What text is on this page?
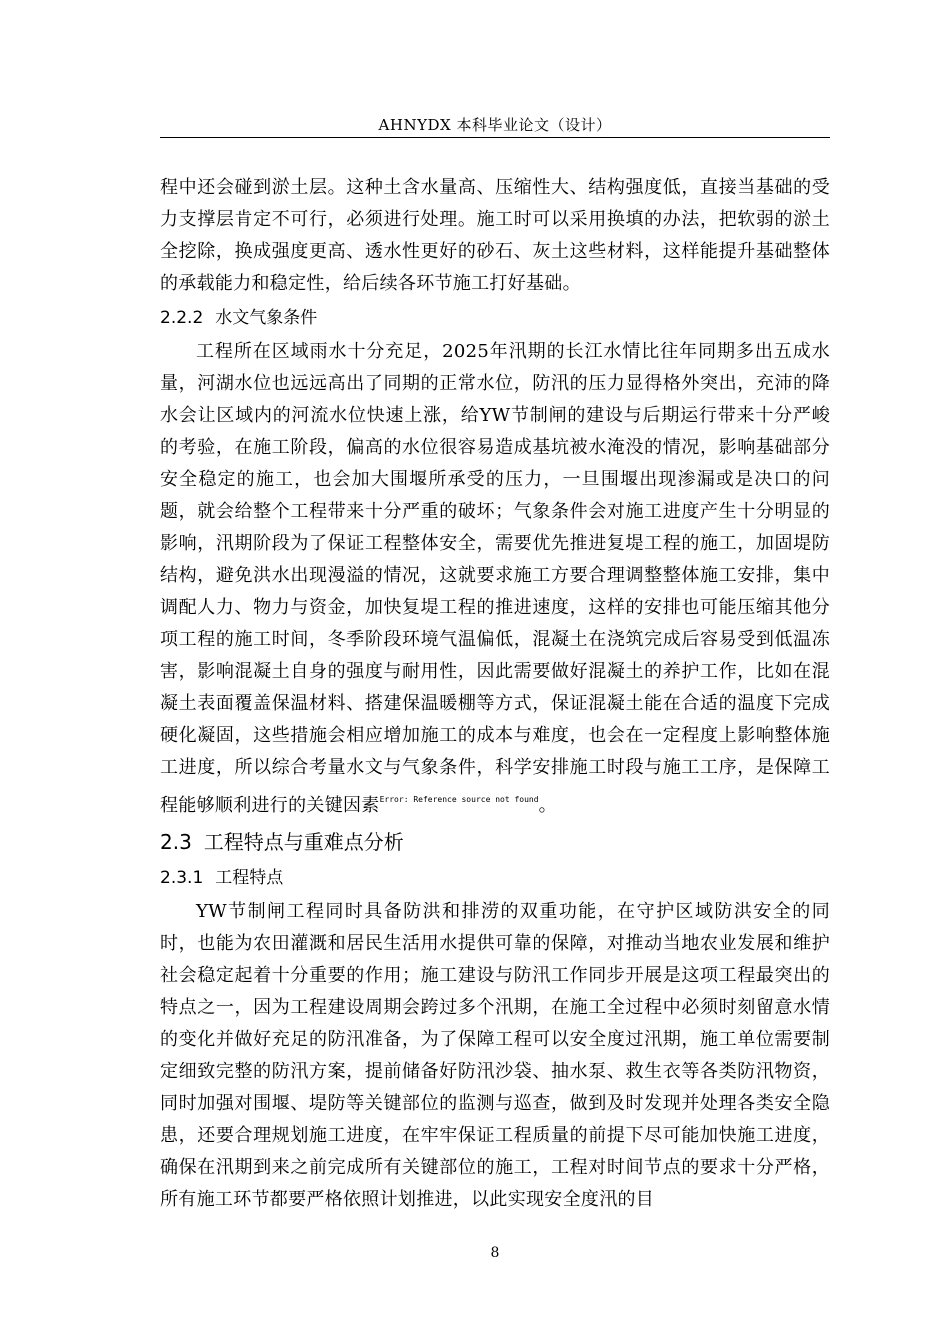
AHNYDX 本科毕业论文（设计）

程中还会碰到淤土层。这种土含水量高、压缩性大、结构强度低，直接当基础的受力支撑层肯定不可行，必须进行处理。施工时可以采用换填的办法，把软弱的淤土全挖除，换成强度更高、透水性更好的砂石、灰土这些材料，这样能提升基础整体的承载能力和稳定性，给后续各环节施工打好基础。

2.2.2 水文气象条件

工程所在区域雨水十分充足，2025年汛期的长江水情比往年同期多出五成水量，河湖水位也远远高出了同期的正常水位，防汛的压力显得格外突出，充沛的降水会让区域内的河流水位快速上涨，给YW节制闸的建设与后期运行带来十分严峻的考验，在施工阶段，偏高的水位很容易造成基坑被水淹没的情况，影响基础部分安全稳定的施工，也会加大围堰所承受的压力，一旦围堰出现渗漏或是决口的问题，就会给整个工程带来十分严重的破坏；气象条件会对施工进度产生十分明显的影响，汛期阶段为了保证工程整体安全，需要优先推进复堤工程的施工，加固堤防结构，避免洪水出现漫溢的情况，这就要求施工方要合理调整整体施工安排，集中调配人力、物力与资金，加快复堤工程的推进速度，这样的安排也可能压缩其他分项工程的施工时间，冬季阶段环境气温偏低，混凝土在浇筑完成后容易受到低温冻害，影响混凝土自身的强度与耐用性，因此需要做好混凝土的养护工作，比如在混凝土表面覆盖保温材料、搭建保温暖棚等方式，保证混凝土能在合适的温度下完成硬化凝固，这些措施会相应增加施工的成本与难度，也会在一定程度上影响整体施工进度，所以综合考量水文与气象条件，科学安排施工时段与施工工序，是保障工程能够顺利进行的关键因素$^{Error: Reference source not found}$。

2.3 工程特点与重难点分析
2.3.1 工程特点

YW节制闸工程同时具备防洪和排涝的双重功能，在守护区域防洪安全的同时，也能为农田灌溉和居民生活用水提供可靠的保障，对推动当地农业发展和维护社会稳定起着十分重要的作用；施工建设与防汛工作同步开展是这项工程最突出的特点之一，因为工程建设周期会跨过多个汛期，在施工全过程中必须时刻留意水情的变化并做好充足的防汛准备，为了保障工程可以安全度过汛期，施工单位需要制定细致完整的防汛方案，提前储备好防汛沙袋、抽水泵、救生衣等各类防汛物资，同时加强对围堰、堤防等关键部位的监测与巡查，做到及时发现并处理各类安全隐患，还要合理规划施工进度，在牢牢保证工程质量的前提下尽可能加快施工进度，确保在汛期到来之前完成所有关键部位的施工，工程对时间节点的要求十分严格，所有施工环节都要严格依照计划推进，以此实现安全度汛的目

8
